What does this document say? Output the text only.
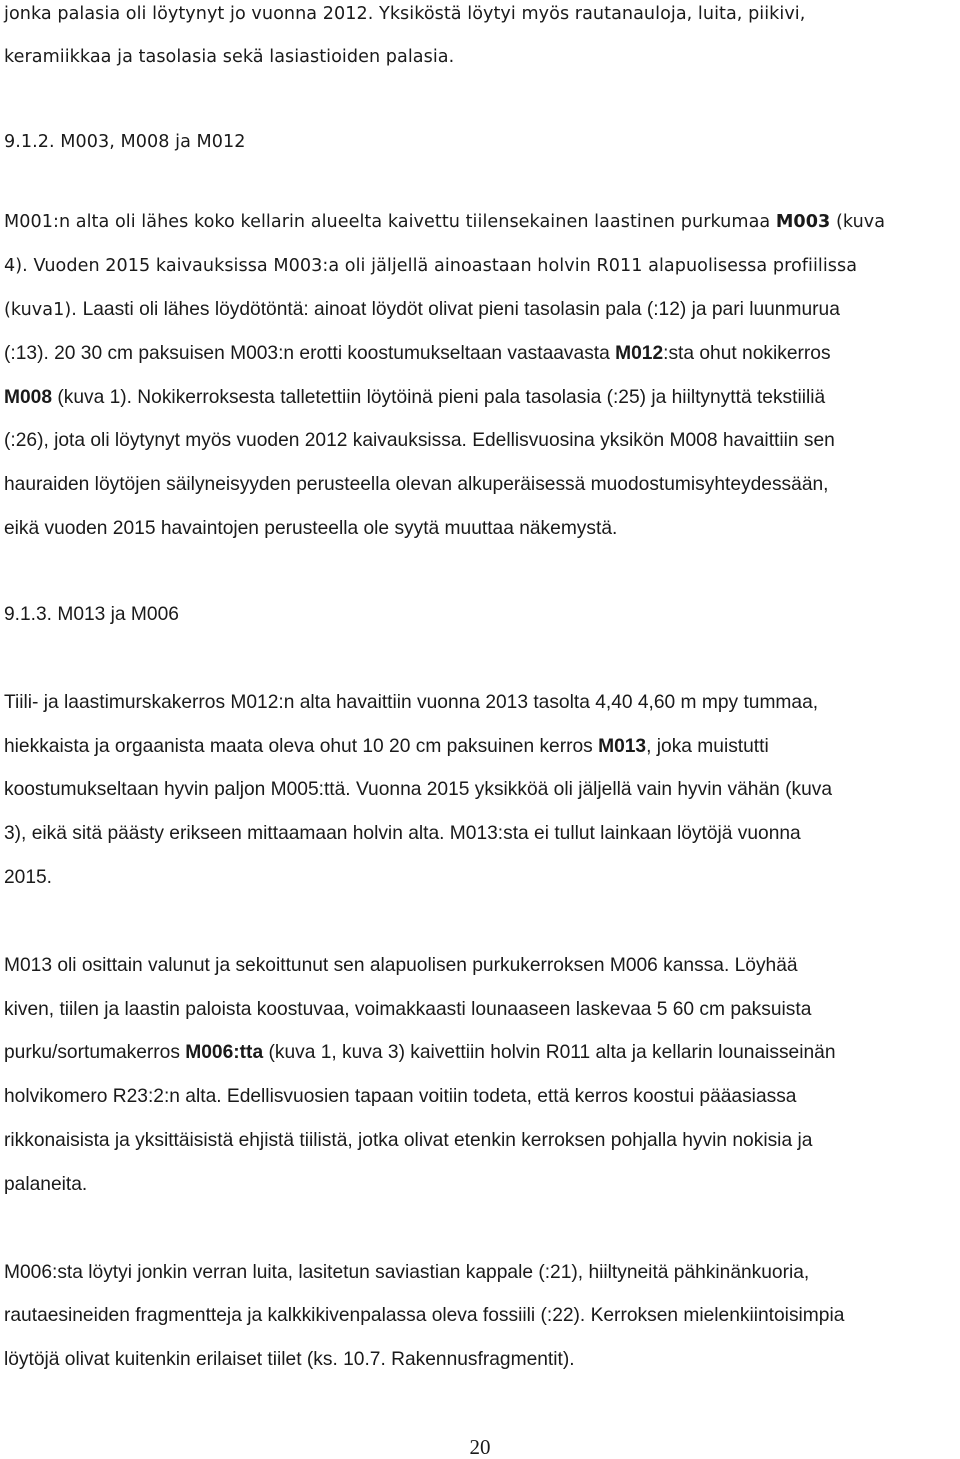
jonka palasia oli löytynyt jo vuonna 2012. Yksiköstä löytyi myös rautanauloja, luita, piikivi,
keramiikkaa ja tasolasia sekä lasiastioiden palasia.
9.1.2. M003, M008 ja M012
M001:n alta oli lähes koko kellarin alueelta kaivettu tiilensekainen laastinen purkumaa M003 (kuva
4). Vuoden 2015 kaivauksissa M003:a oli jäljellä ainoastaan holvin R011 alapuolisessa profiilissa
(kuva1). Laasti oli lähes löydötöntä: ainoat löydöt olivat pieni tasolasin pala (:12) ja pari luunmurua
(:13). 20 30 cm paksuisen M003:n erotti koostumukseltaan vastaavasta M012:sta ohut nokikerros
M008 (kuva 1). Nokikerroksesta talletettiin löytöinä pieni pala tasolasia (:25) ja hiiltynyttä tekstiiliä
(:26), jota oli löytynyt myös vuoden 2012 kaivauksissa. Edellisvuosina yksikön M008 havaittiin sen
hauraiden löytöjen säilyneisyyden perusteella olevan alkuperäisessä muodostumisyhteydessään,
eikä vuoden 2015 havaintojen perusteella ole syytä muuttaa näkemystä.
9.1.3. M013 ja M006
Tiili- ja laastimurskakerros M012:n alta havaittiin vuonna 2013 tasolta 4,40 4,60 m mpy tummaa,
hiekkaista ja orgaanista maata oleva ohut 10 20 cm paksuinen kerros M013, joka muistutti
koostumukseltaan hyvin paljon M005:ttä. Vuonna 2015 yksikköä oli jäljellä vain hyvin vähän (kuva
3), eikä sitä päästy erikseen mittaamaan holvin alta. M013:sta ei tullut lainkaan löytöjä vuonna
2015.
M013 oli osittain valunut ja sekoittunut sen alapuolisen purkukerroksen M006 kanssa. Löyhää
kiven, tiilen ja laastin paloista koostuvaa, voimakkaasti lounaaseen laskevaa 5 60 cm paksuista
purku/sortumakerros M006:tta (kuva 1, kuva 3) kaivettiin holvin R011 alta ja kellarin lounaisseinän
holvikomero R23:2:n alta. Edellisvuosien tapaan voitiin todeta, että kerros koostui pääasiassa
rikkonaisista ja yksittäisistä ehjistä tiilistä, jotka olivat etenkin kerroksen pohjalla hyvin nokisia ja
palaneita.
M006:sta löytyi jonkin verran luita, lasitetun saviastian kappale (:21), hiiltyneitä pähkinänkuoria,
rautaesineiden fragmentteja ja kalkkikivenpalassa oleva fossiili (:22). Kerroksen mielenkiintoisimpia
löytöjä olivat kuitenkin erilaiset tiilet (ks. 10.7. Rakennusfragmentit).
20
